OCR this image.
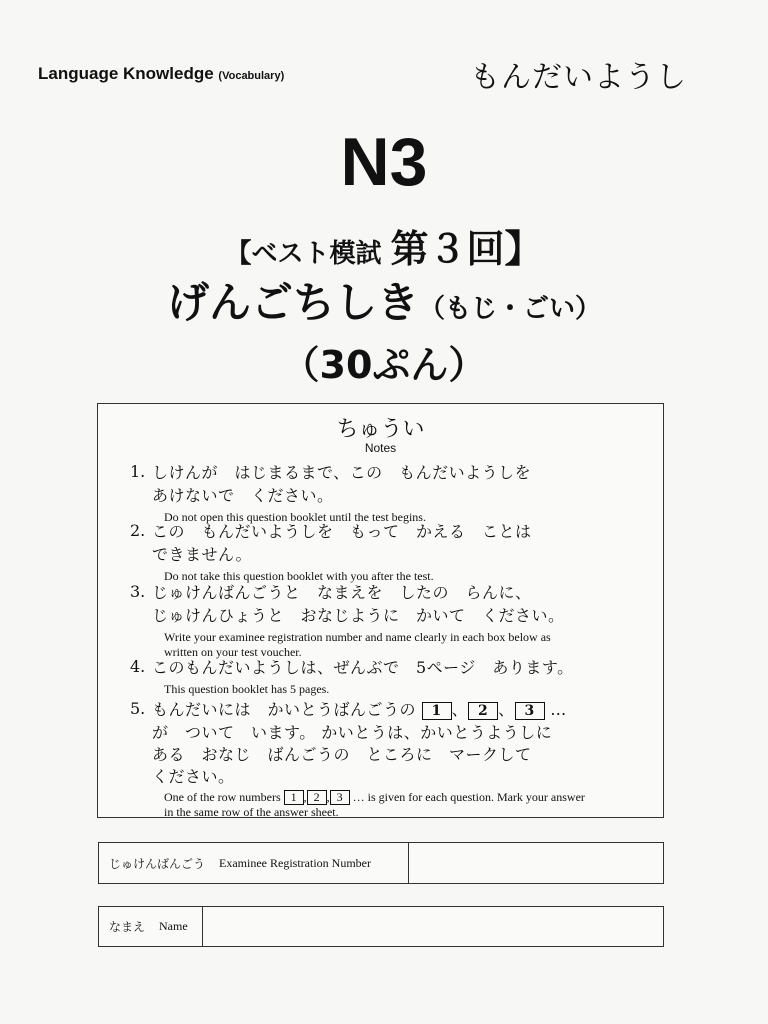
Language Knowledge (Vocabulary)	もんだいようし
N3
【ベスト模試 第３回】
げんごちしき（もじ・ごい）
（30ぷん）
ちゅうい
Notes
1. しけんが　はじまるまで、この　もんだいようしを
あけないで　ください。
Do not open this question booklet until the test begins.
2. この　もんだいようしを　もって　かえる　ことは
できません。
Do not take this question booklet with you after the test.
3. じゅけんばんごうと　なまえを　したの　らんに、
じゅけんひょうと　おなじように　かいて　ください。
Write your examinee registration number and name clearly in each box below as
written on your test voucher.
4. このもんだいようしは、ぜんぶで　5ページ　あります。
This question booklet has 5 pages.
5. もんだいには　かいとうばんごうの 1 、 2 、 3 …
が　ついて　います。 かいとうは、かいとうようしに
ある　おなじ　ばんごうの　ところに　マークして
ください。
One of the row numbers 1 , 2 , 3 … is given for each question. Mark your answer
in the same row of the answer sheet.
じゅけんばんごう Examinee Registration Number
なまえ Name
